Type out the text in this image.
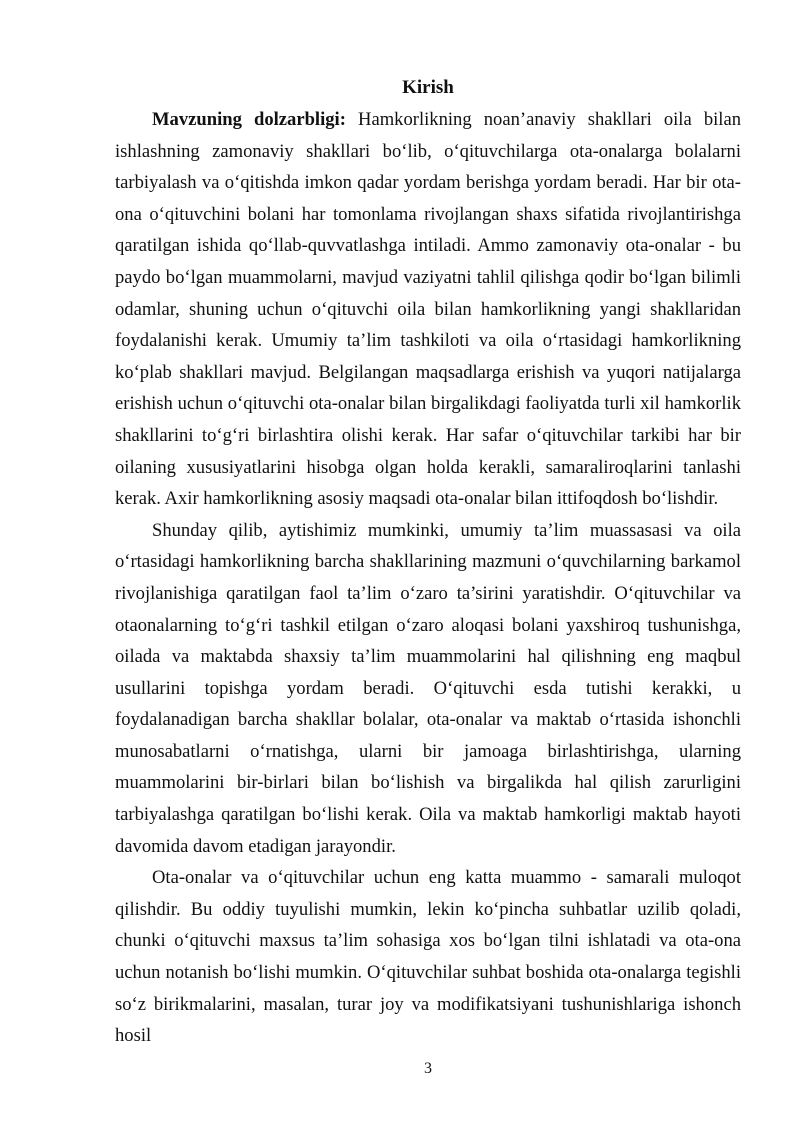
Kirish

Mavzuning dolzarbligi: Hamkorlikning noan’anaviy shakllari oila bilan ishlashning zamonaviy shakllari bo‘lib, o‘qituvchilarga ota-onalarga bolalarni tarbiyalash va o‘qitishda imkon qadar yordam berishga yordam beradi. Har bir ota-ona o‘qituvchini bolani har tomonlama rivojlangan shaxs sifatida rivojlantirishga qaratilgan ishida qo‘llab-quvvatlashga intiladi. Ammo zamonaviy ota-onalar - bu paydo bo‘lgan muammolarni, mavjud vaziyatni tahlil qilishga qodir bo‘lgan bilimli odamlar, shuning uchun o‘qituvchi oila bilan hamkorlikning yangi shakllaridan foydalanishi kerak. Umumiy ta’lim tashkiloti va oila o‘rtasidagi hamkorlikning ko‘plab shakllari mavjud. Belgilangan maqsadlarga erishish va yuqori natijalarga erishish uchun o‘qituvchi ota-onalar bilan birgalikdagi faoliyatda turli xil hamkorlik shakllarini to‘g‘ri birlashtira olishi kerak. Har safar o‘qituvchilar tarkibi har bir oilaning xususiyatlarini hisobga olgan holda kerakli, samaraliroqlarini tanlashi kerak. Axir hamkorlikning asosiy maqsadi ota-onalar bilan ittifoqdosh bo‘lishdir.

Shunday qilib, aytishimiz mumkinki, umumiy ta’lim muassasasi va oila o‘rtasidagi hamkorlikning barcha shakllarining mazmuni o‘quvchilarning barkamol rivojlanishiga qaratilgan faol ta’lim o‘zaro ta’sirini yaratishdir. O‘qituvchilar va otaonalarning to‘g‘ri tashkil etilgan o‘zaro aloqasi bolani yaxshiroq tushunishga, oilada va maktabda shaxsiy ta’lim muammolarini hal qilishning eng maqbul usullarini topishga yordam beradi. O‘qituvchi esda tutishi kerakki, u foydalanadigan barcha shakllar bolalar, ota-onalar va maktab o‘rtasida ishonchli munosabatlarni o‘rnatishga, ularni bir jamoaga birlashtirishga, ularning muammolarini bir-birlari bilan bo‘lishish va birgalikda hal qilish zarurligini tarbiyalashga qaratilgan bo‘lishi kerak. Oila va maktab hamkorligi maktab hayoti davomida davom etadigan jarayondir.

Ota-onalar va o‘qituvchilar uchun eng katta muammo - samarali muloqot qilishdir. Bu oddiy tuyulishi mumkin, lekin ko‘pincha suhbatlar uzilib qoladi, chunki o‘qituvchi maxsus ta’lim sohasiga xos bo‘lgan tilni ishlatadi va ota-ona uchun notanish bo‘lishi mumkin. O‘qituvchilar suhbat boshida ota-onalarga tegishli so‘z birikmalarini, masalan, turar joy va modifikatsiyani tushunishlariga ishonch hosil

3
